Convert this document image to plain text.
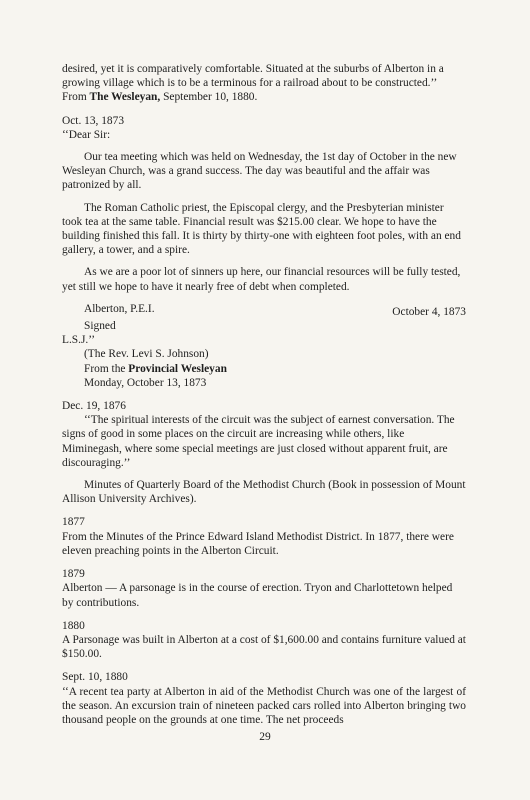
desired, yet it is comparatively comfortable. Situated at the suburbs of Alberton in a growing village which is to be a terminous for a railroad about to be constructed.’’

From The Wesleyan, September 10, 1880.

Oct. 13, 1873

‘‘Dear Sir:

Our tea meeting which was held on Wednesday, the 1st day of October in the new Wesleyan Church, was a grand success. The day was beautiful and the affair was patronized by all.

The Roman Catholic priest, the Episcopal clergy, and the Presbyterian minister took tea at the same table. Financial result was $215.00 clear. We hope to have the building finished this fall. It is thirty by thirty-one with eighteen foot poles, with an end gallery, a tower, and a spire.

As we are a poor lot of sinners up here, our financial resources will be fully tested, yet still we hope to have it nearly free of debt when completed.

Alberton, P.E.I.	October 4, 1873

Signed

L.S.J.’’

(The Rev. Levi S. Johnson)

From the Provincial Wesleyan

Monday, October 13, 1873

Dec. 19, 1876

‘‘The spiritual interests of the circuit was the subject of earnest conversation. The signs of good in some places on the circuit are increasing while others, like Miminegash, where some special meetings are just closed without apparent fruit, are discouraging.’’

Minutes of Quarterly Board of the Methodist Church (Book in possession of Mount Allison University Archives).

1877

From the Minutes of the Prince Edward Island Methodist District. In 1877, there were eleven preaching points in the Alberton Circuit.

1879

Alberton — A parsonage is in the course of erection. Tryon and Charlottetown helped by contributions.

1880

A Parsonage was built in Alberton at a cost of $1,600.00 and contains furniture valued at $150.00.

Sept. 10, 1880

‘‘A recent tea party at Alberton in aid of the Methodist Church was one of the largest of the season. An excursion train of nineteen packed cars rolled into Alberton bringing two thousand people on the grounds at one time. The net proceeds

29
